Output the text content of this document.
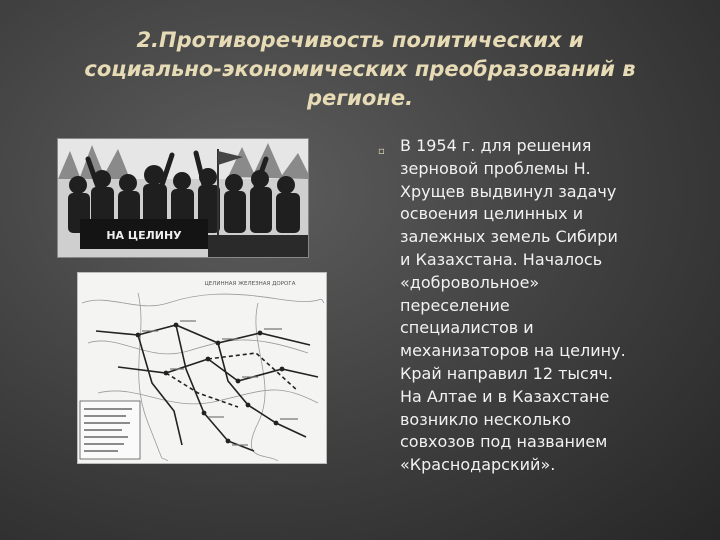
2.Противоречивость политических и
социально-экономических преобразований в
регионе.
НА ЦЕЛИНУ
ЦЕЛИННАЯ ЖЕЛЕЗНАЯ ДОРОГА
▫ В 1954 г. для решения
зерновой проблемы Н.
Хрущев выдвинул задачу
освоения целинных и
залежных земель Сибири
и Казахстана. Началось
«добровольное»
переселение
специалистов и
механизаторов на целину.
Край направил 12 тысяч.
На Алтае и в Казахстане
возникло несколько
совхозов под названием
«Краснодарский».
